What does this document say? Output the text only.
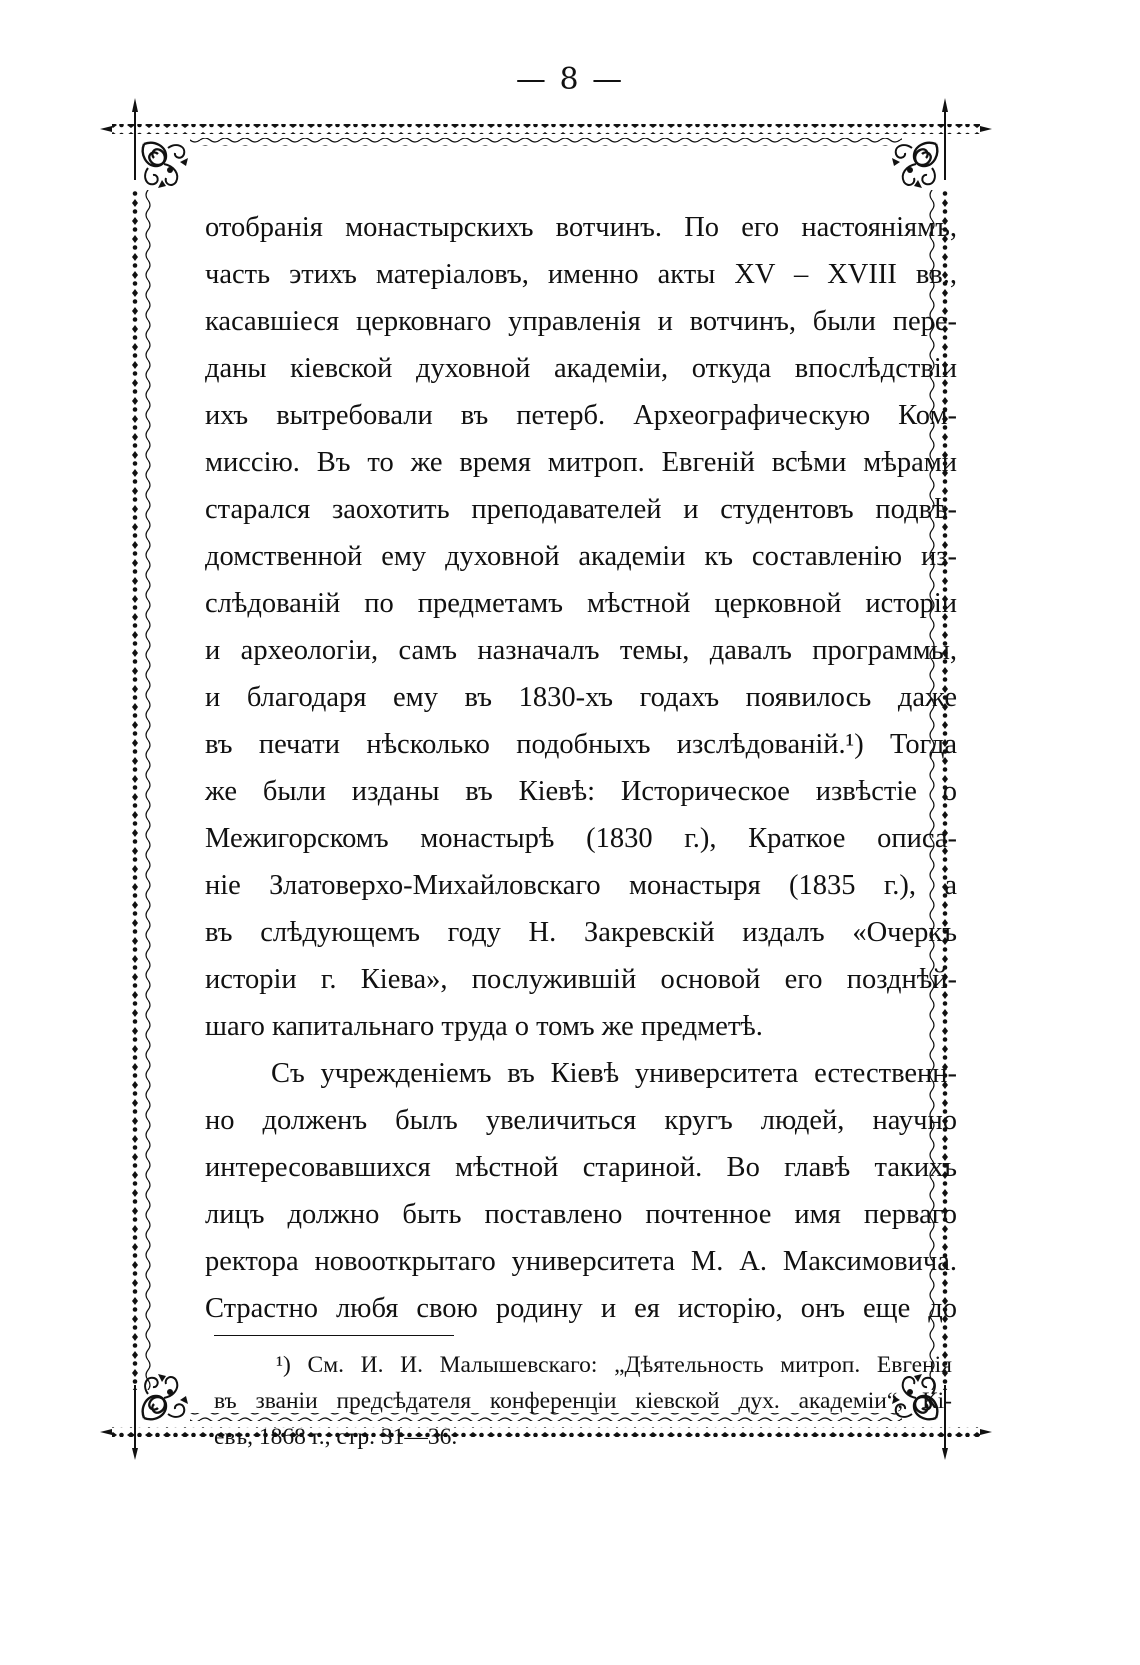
— 8 —
отобранія монастырскихъ вотчинъ. По его настояніямъ,
часть этихъ матеріаловъ, именно акты XV – XVIII вв.,
касавшіеся церковнаго управленія и вотчинъ, были пере-
даны кіевской духовной академіи, откуда впослѣдствіи
ихъ вытребовали въ петерб. Археографическую Ком-
миссію. Въ то же время митроп. Евгеній всѣми мѣрами
старался заохотить преподавателей и студентовъ подвѣ-
домственной ему духовной академіи къ составленію из-
слѣдованій по предметамъ мѣстной церковной исторіи
и археологіи, самъ назначалъ темы, давалъ программы,
и благодаря ему въ 1830-хъ годахъ появилось даже
въ печати нѣсколько подобныхъ изслѣдованій.¹) Тогда
же были изданы въ Кіевѣ: Историческое извѣстіе о
Межигорскомъ монастырѣ (1830 г.), Краткое описа-
ніе Златоверхо-Михайловскаго монастыря (1835 г.), а
въ слѣдующемъ году Н. Закревскій издалъ «Очеркъ
исторіи г. Кіева», послужившій основой его позднѣй-
шаго капитальнаго труда о томъ же предметѣ.
Съ учрежденіемъ въ Кіевѣ университета естественн-
но долженъ былъ увеличиться кругъ людей, научно
интересовавшихся мѣстной стариной. Во главѣ такихъ
лицъ должно быть поставлено почтенное имя перваго
ректора новооткрытаго университета М. А. Максимовича.
Страстно любя свою родину и ея исторію, онъ еще до
¹) См. И. И. Малышевскаго: „Дѣятельность митроп. Евгенія
въ званіи предсѣдателя конференціи кіевской дух. академіи“, Кі-
евъ, 1868 г., стр. 31—36.
